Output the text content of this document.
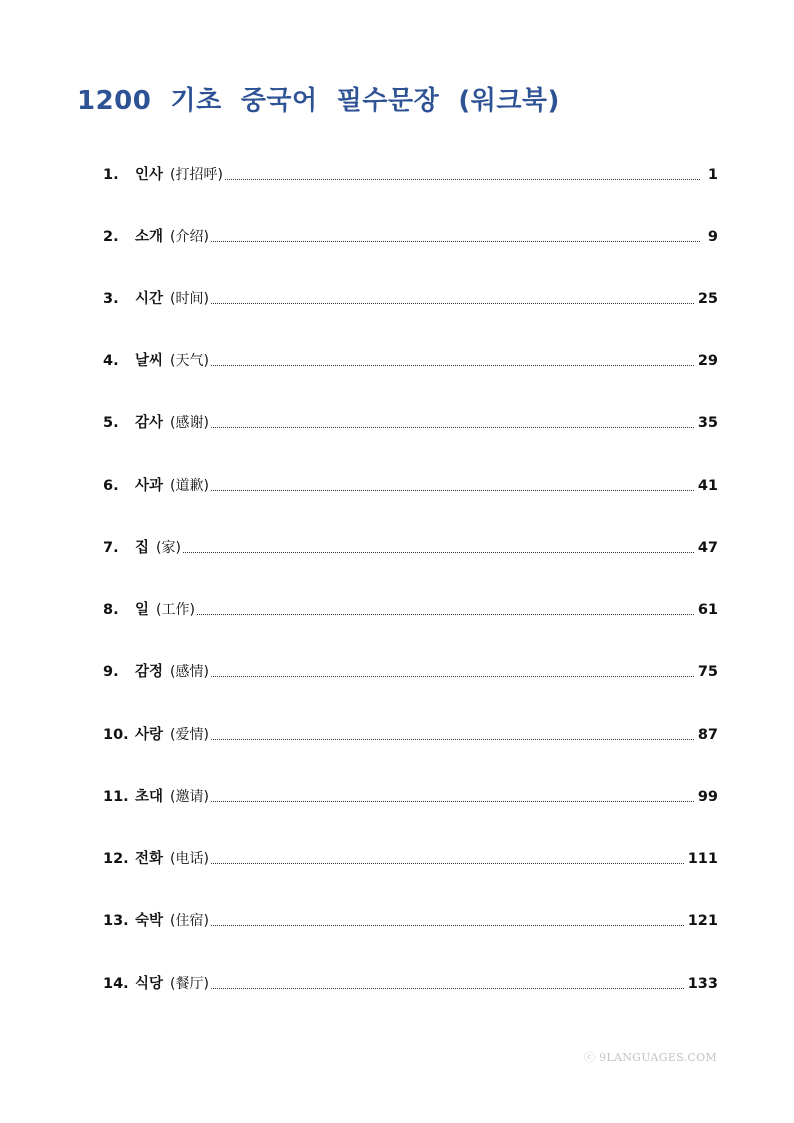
1200  기초  중국어  필수문장  (워크북)
1.	인사 (打招呼)	1
2.	소개 (介绍)	9
3.	시간 (时间)	25
4.	날씨 (天气)	29
5.	감사 (感谢)	35
6.	사과 (道歉)	41
7.	집 (家)	47
8.	일 (工作)	61
9.	감정 (感情)	75
10. 사랑 (爱情)	87
11. 초대 (邀请)	99
12. 전화 (电话)	111
13. 숙박 (住宿)	121
14. 식당 (餐厅)	133
ⓒ 9LANGUAGES.COM
